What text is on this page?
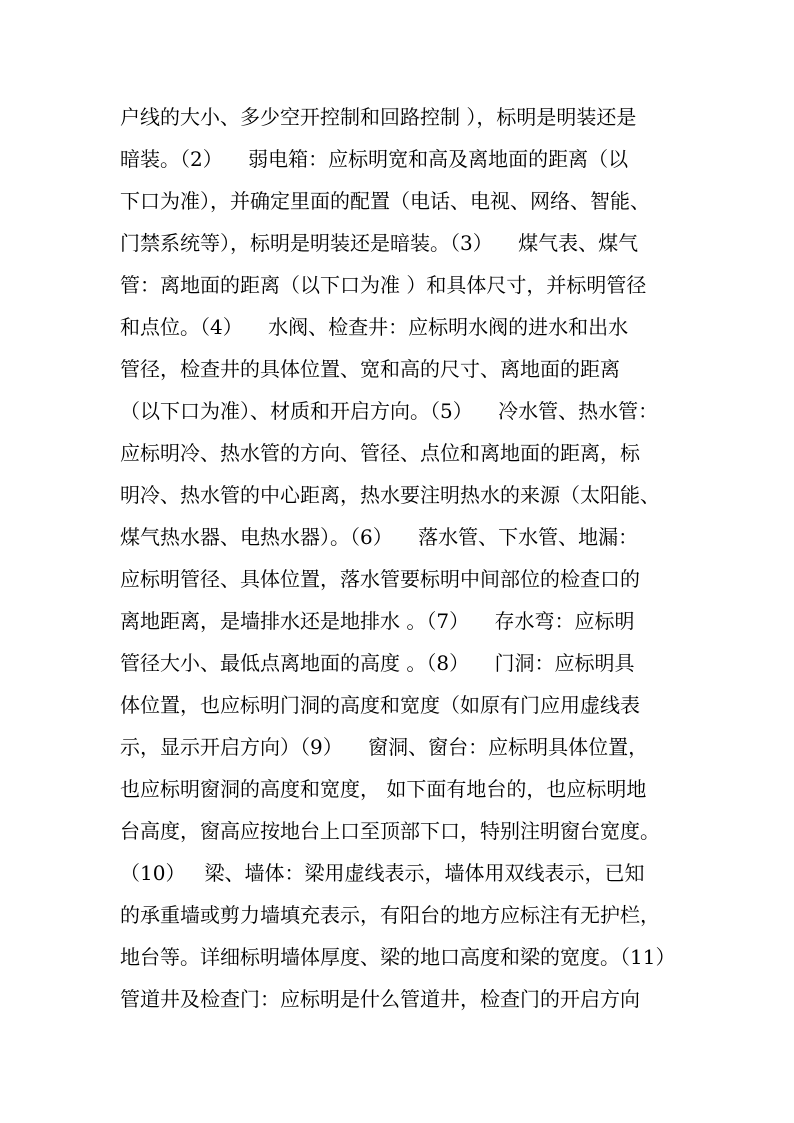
户线的大小、多少空开控制和回路控制 ），标明是明装还是
暗装。（2）    弱电箱：应标明宽和高及离地面的距离（以
下口为准），并确定里面的配置（电话、电视、网络、智能、
门禁系统等），标明是明装还是暗装。（3）    煤气表、煤气
管：离地面的距离（以下口为准 ）和具体尺寸，并标明管径
和点位。（4）    水阀、检查井：应标明水阀的进水和出水
管径，检查井的具体位置、宽和高的尺寸、离地面的距离
（以下口为准）、材质和开启方向。（5）    冷水管、热水管：
应标明冷、热水管的方向、管径、点位和离地面的距离，标
明冷、热水管的中心距离，热水要注明热水的来源（太阳能、
煤气热水器、电热水器）。（6）    落水管、下水管、地漏：
应标明管径、具体位置，落水管要标明中间部位的检查口的
离地距离，是墙排水还是地排水 。（7）    存水弯：应标明
管径大小、最低点离地面的高度 。（8）    门洞：应标明具
体位置，也应标明门洞的高度和宽度（如原有门应用虚线表
示，显示开启方向）（9）    窗洞、窗台：应标明具体位置，
也应标明窗洞的高度和宽度， 如下面有地台的，也应标明地
台高度，窗高应按地台上口至顶部下口，特别注明窗台宽度。
（10）   梁、墙体：梁用虚线表示，墙体用双线表示，已知
的承重墙或剪力墙填充表示，有阳台的地方应标注有无护栏，
地台等。详细标明墙体厚度、梁的地口高度和梁的宽度。（11）
管道井及检查门：应标明是什么管道井，检查门的开启方向
